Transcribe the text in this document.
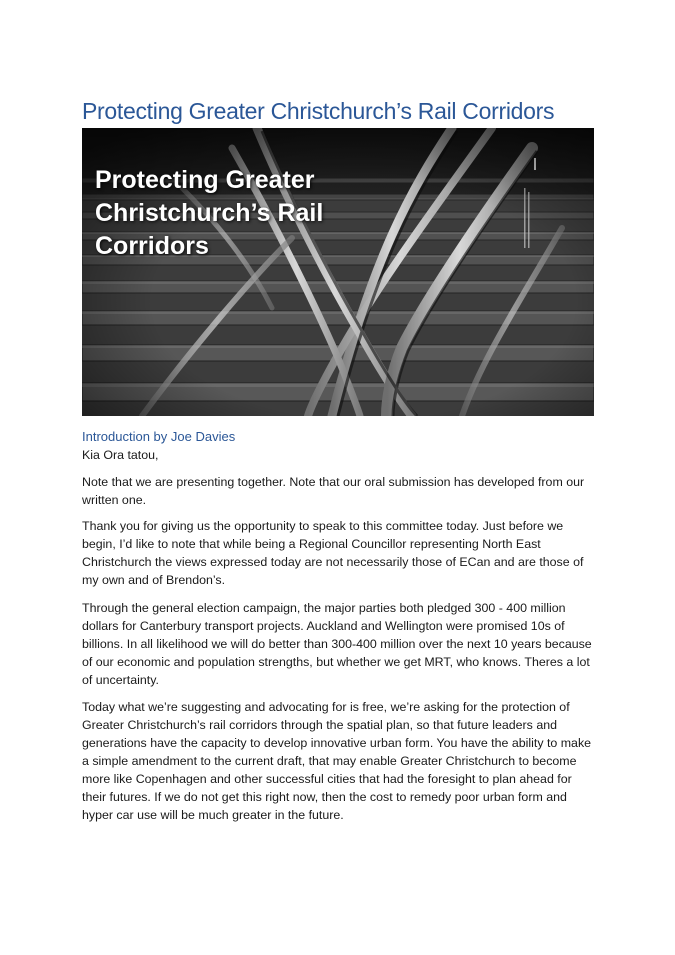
Protecting Greater Christchurch’s Rail Corridors

Protecting Greater Christchurch’s Rail Corridors

Introduction by Joe Davies

Kia Ora tatou,

Note that we are presenting together. Note that our oral submission has developed from our written one.

Thank you for giving us the opportunity to speak to this committee today. Just before we begin, I’d like to note that while being a Regional Councillor representing North East Christchurch the views expressed today are not necessarily those of ECan and are those of my own and of Brendon’s.

Through the general election campaign, the major parties both pledged 300 - 400 million dollars for Canterbury transport projects. Auckland and Wellington were promised 10s of billions. In all likelihood we will do better than 300-400 million over the next 10 years because of our economic and population strengths, but whether we get MRT, who knows. Theres a lot of uncertainty.

Today what we’re suggesting and advocating for is free, we’re asking for the protection of Greater Christchurch’s rail corridors through the spatial plan, so that future leaders and generations have the capacity to develop innovative urban form. You have the ability to make a simple amendment to the current draft, that may enable Greater Christchurch to become more like Copenhagen and other successful cities that had the foresight to plan ahead for their futures. If we do not get this right now, then the cost to remedy poor urban form and hyper car use will be much greater in the future.
